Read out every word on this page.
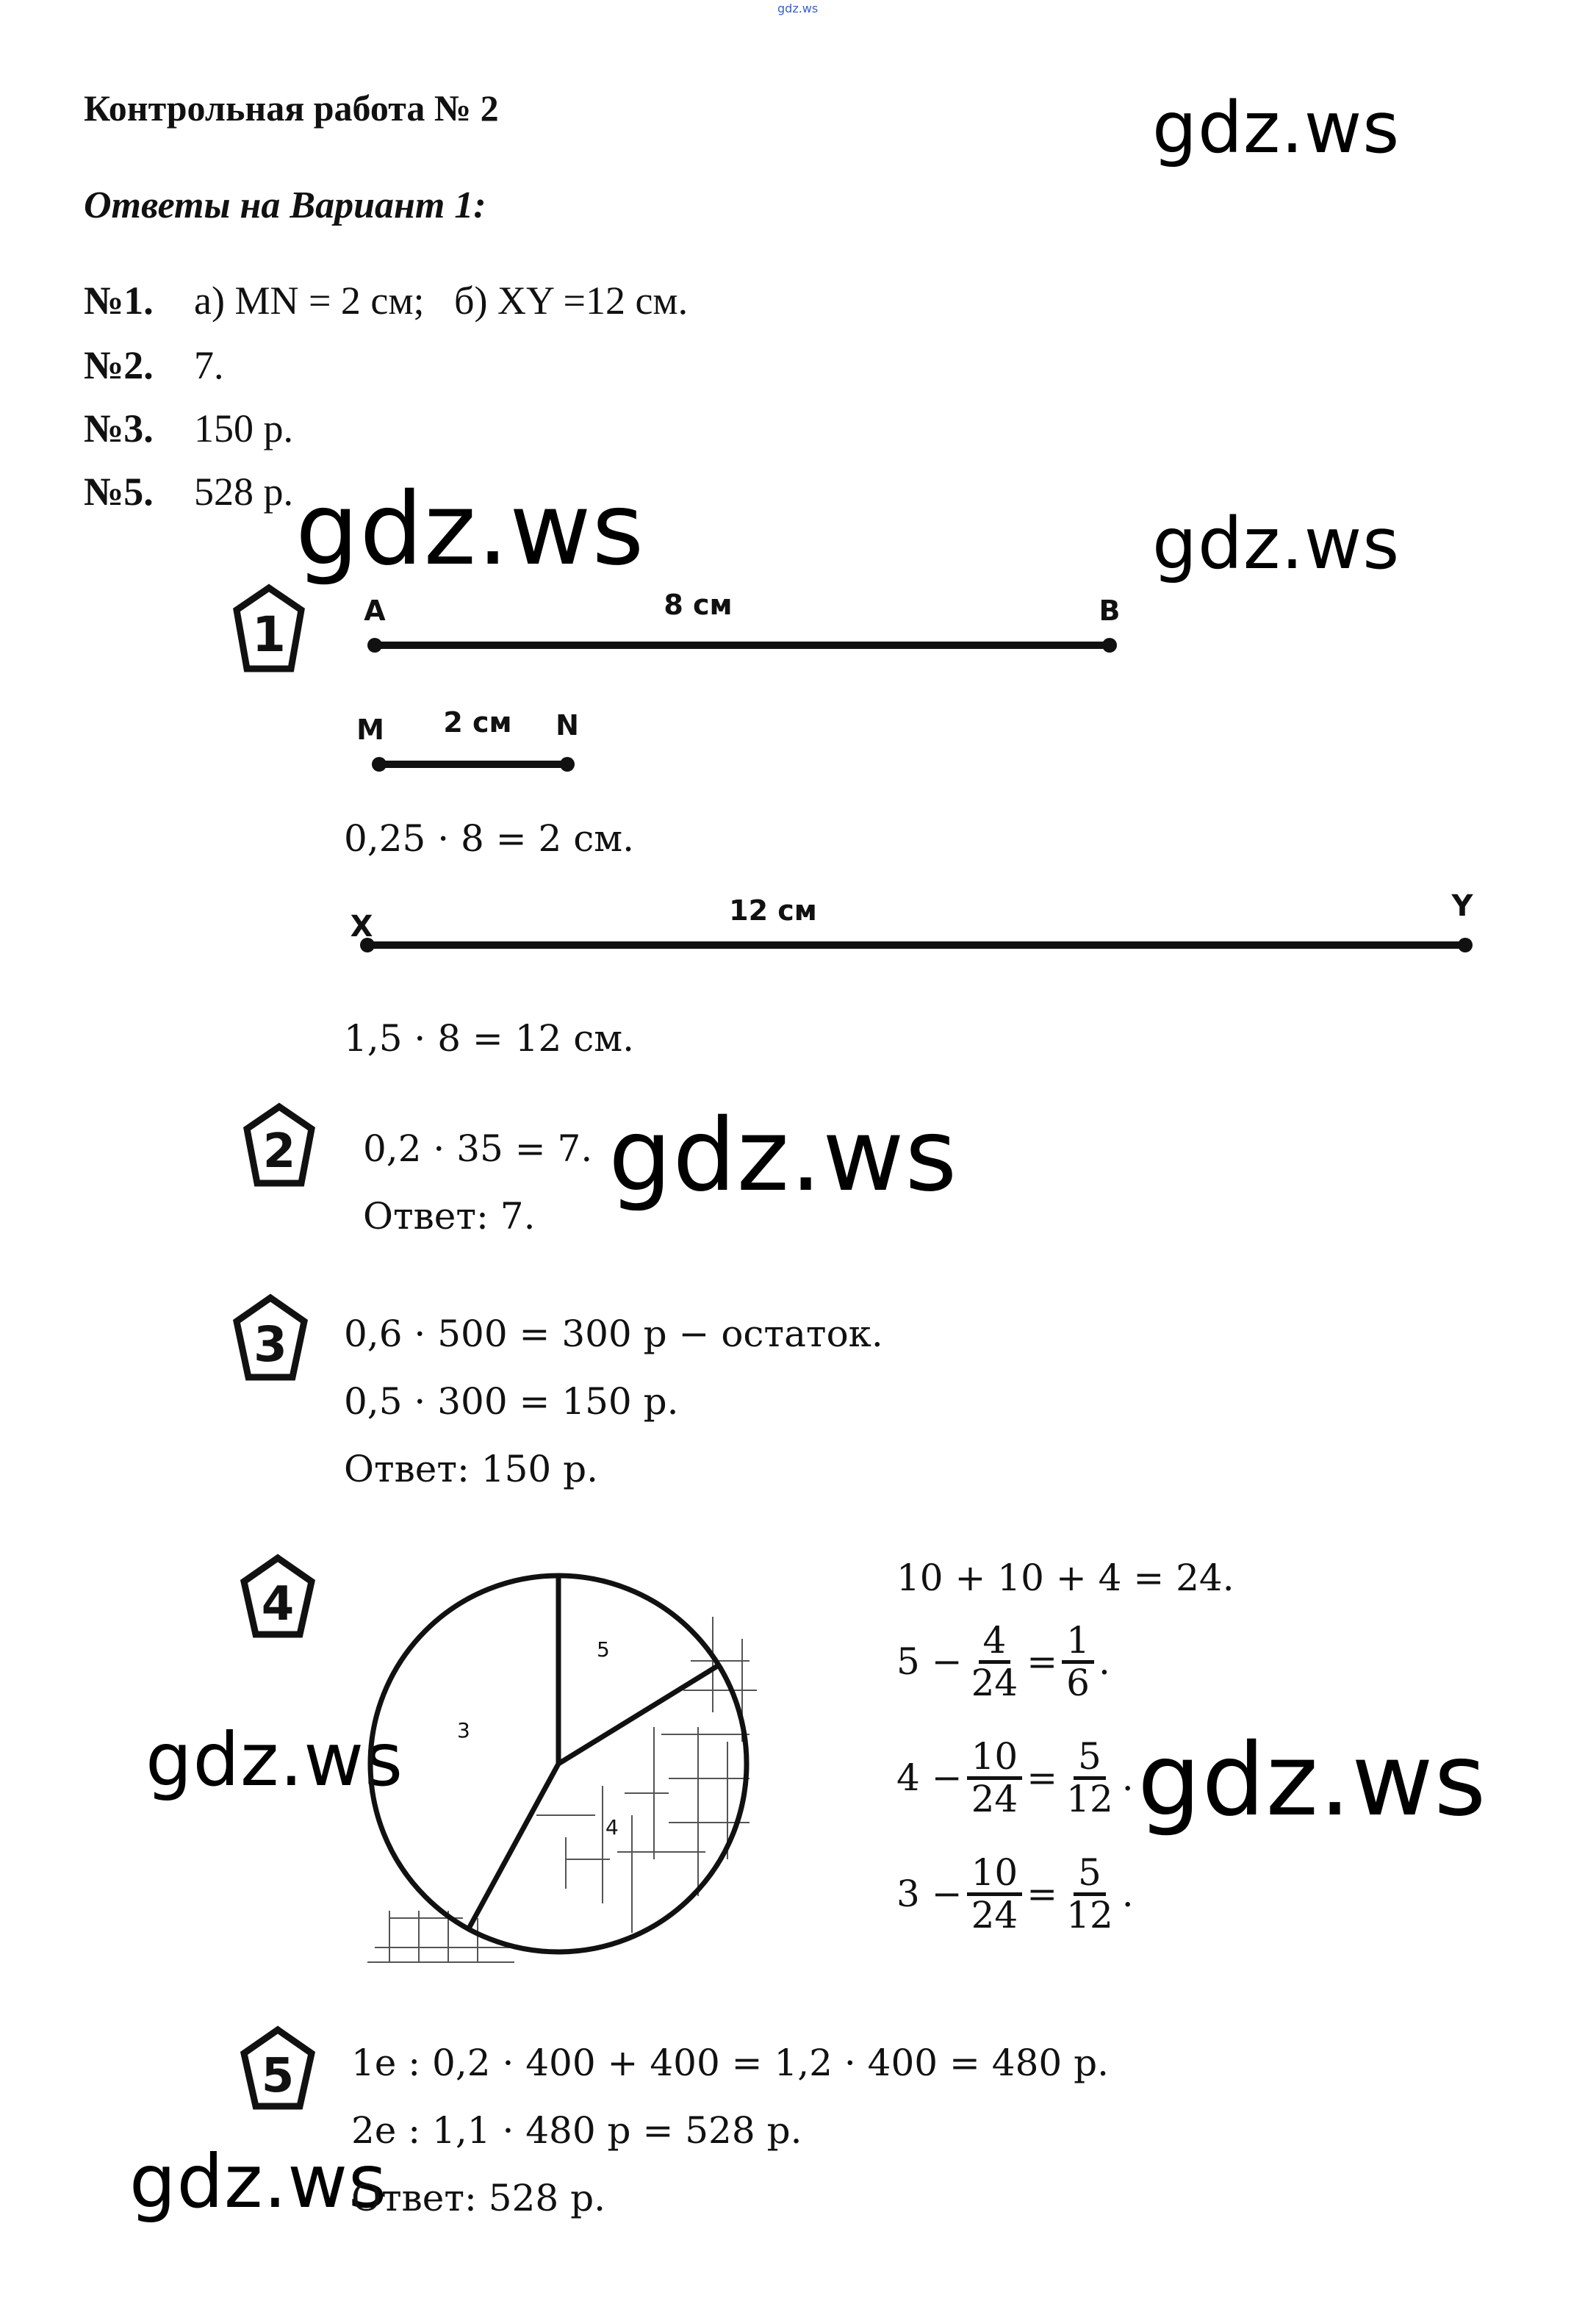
gdz.ws
Контрольная работа № 2
Ответы на Вариант 1:
№1. а) MN = 2 см;   б) XY =12 см.
№2. 7.
№3. 150 р.
№5. 528 р.
gdz.ws
gdz.ws	gdz.ws
gdz.ws
gdz.ws	gdz.ws
gdz.ws
1
2
3
4
5
A	B
8 см
M	N
2 см
0,25 · 8 = 2 см.
X
Y
12 см
1,5 · 8 = 12 см.
0,2 · 35 = 7.
Ответ: 7.
0,6 · 500 = 300 р − остаток.
0,5 · 300 = 150 р.
Ответ: 150 р.
5
3
4
10 + 10 + 4 = 24.
$5 - \frac{4}{24} = \frac{1}{6}$ .
$4 - \frac{10}{24} = \frac{5}{12}$ .
$3 - \frac{10}{24} = \frac{5}{12}$ .
1е : 0,2 · 400 + 400 = 1,2 · 400 = 480 р.
2е : 1,1 · 480 р = 528 р.
Ответ: 528 р.
